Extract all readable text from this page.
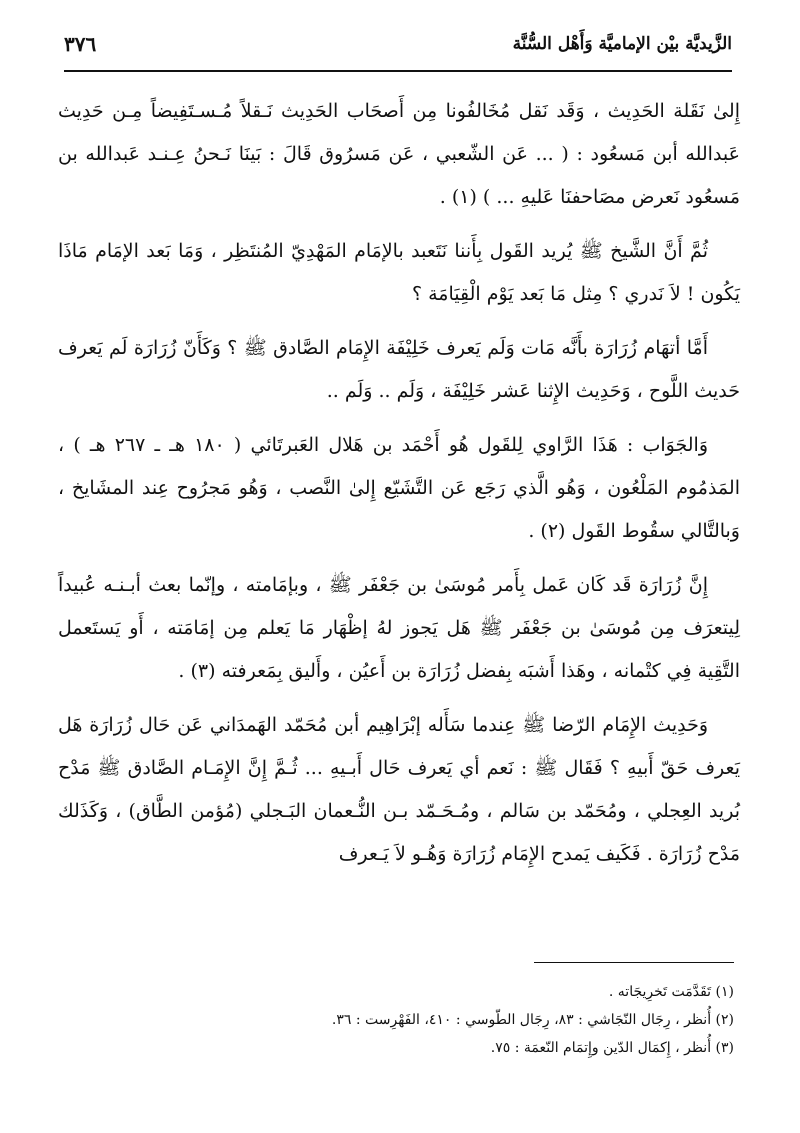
الزَّيديَّة بيْن الإماميَّة وَأَهْل السُّنَّة
٣٧٦

إِلىٰ نَقَلة الحَدِيث ، وَقَد نَقل مُخَالفُونا مِن أَصحَاب الحَدِيث نَـقلاً مُـسـتَفِيضاً مِـن حَدِيث عَبدالله أبن مَسعُود : ( ... عَن الشّعبي ، عَن مَسرُوق قَالَ : بَينَا نَـحنُ عِـنـد عَبدالله بن مَسعُود نَعرض مصَاحفنَا عَليهِ ... ) (١) .

ثُمَّ أَنَّ الشَّيخ ﷺ يُريد القَول بِأَننا نَتَعبد بالإمَام المَهْدِيّ المُنتَظِر ، وَمَا بَعد الإمَام مَاذَا يَكُون ! لاَ نَدري ؟ مِثل مَا بَعد يَوْم الْقِيَامَة ؟

أَمَّا أتهَام زُرَارَة بأَنَّه مَات وَلَم يَعرف خَلِيْفَة الإِمَام الصَّادق ﷺ ؟ وَكَأَنّ زُرَارَة لَم يَعرف حَديث اللَّوح ، وَحَدِيث الإِثنا عَشر خَلِيْفَة ، وَلَم .. وَلَم ..

وَالجَوَاب : هَذَا الرَّاوي لِلقَول هُو أَحْمَد بن هَلال العَبرتَائي ( ١٨٠ هـ ـ ٢٦٧ هـ ) ، المَذمُوم المَلْعُون ، وَهُو الَّذي رَجَع عَن التَّشَيّع إِلىٰ النَّصب ، وَهُو مَجرُوح عِند المشَايخ ، وَبالتَّالي سقُوط القَول (٢) .

إِنَّ زُرَارَة قَد كَان عَمل بِأَمر مُوسَىٰ بن جَعْفَر ﷺ ، وبإمَامته ، وإنّما بعث أبـنـه عُبيداً لِيتعرَف مِن مُوسَىٰ بن جَعْفَر ﷺ هَل يَجوز لهُ إظْهَار مَا يَعلم مِن إمَامَته ، أَو يَستَعمل التَّقِية فِي كتْمانه ، وهَذا أَشبَه بِفضل زُرَارَة بن أَعيُن ، وأَليق بِمَعرفته (٣) .

وَحَدِيث الإِمَام الرّضا ﷺ عِندما سَأَله إبْرَاهِيم أبن مُحَمّد الهَمدَاني عَن حَال زُرَارَة هَل يَعرف حَقّ أَبيهِ ؟ فَقَال ﷺ : نَعم أي يَعرف حَال أَبـيهِ ... ثُـمَّ إِنَّ الإِمَـام الصَّادق ﷺ مَدْح بُريد العِجلي ، ومُحَمّد بن سَالم ، ومُـحَـمّد بـن النُّـعمان البَـجلي (مُؤمن الطَّاق) ، وَكَذَلك مَدْح زُرَارَة . فَكَيف يَمدح الإِمَام زُرَارَة وَهُـو لاَ يَـعرف

(١) تَقَدَّمَت تَخرِيجَاته .

(٢) أُنظر ، رِجَال النّجَاشي : ٨٣، رِجَال الطّوسي : ٤١٠، الفَهْرِست : ٣٦.

(٣) أُنظر ، إِكمَال الدّين وإِتمَام النّعمَة : ٧٥.
